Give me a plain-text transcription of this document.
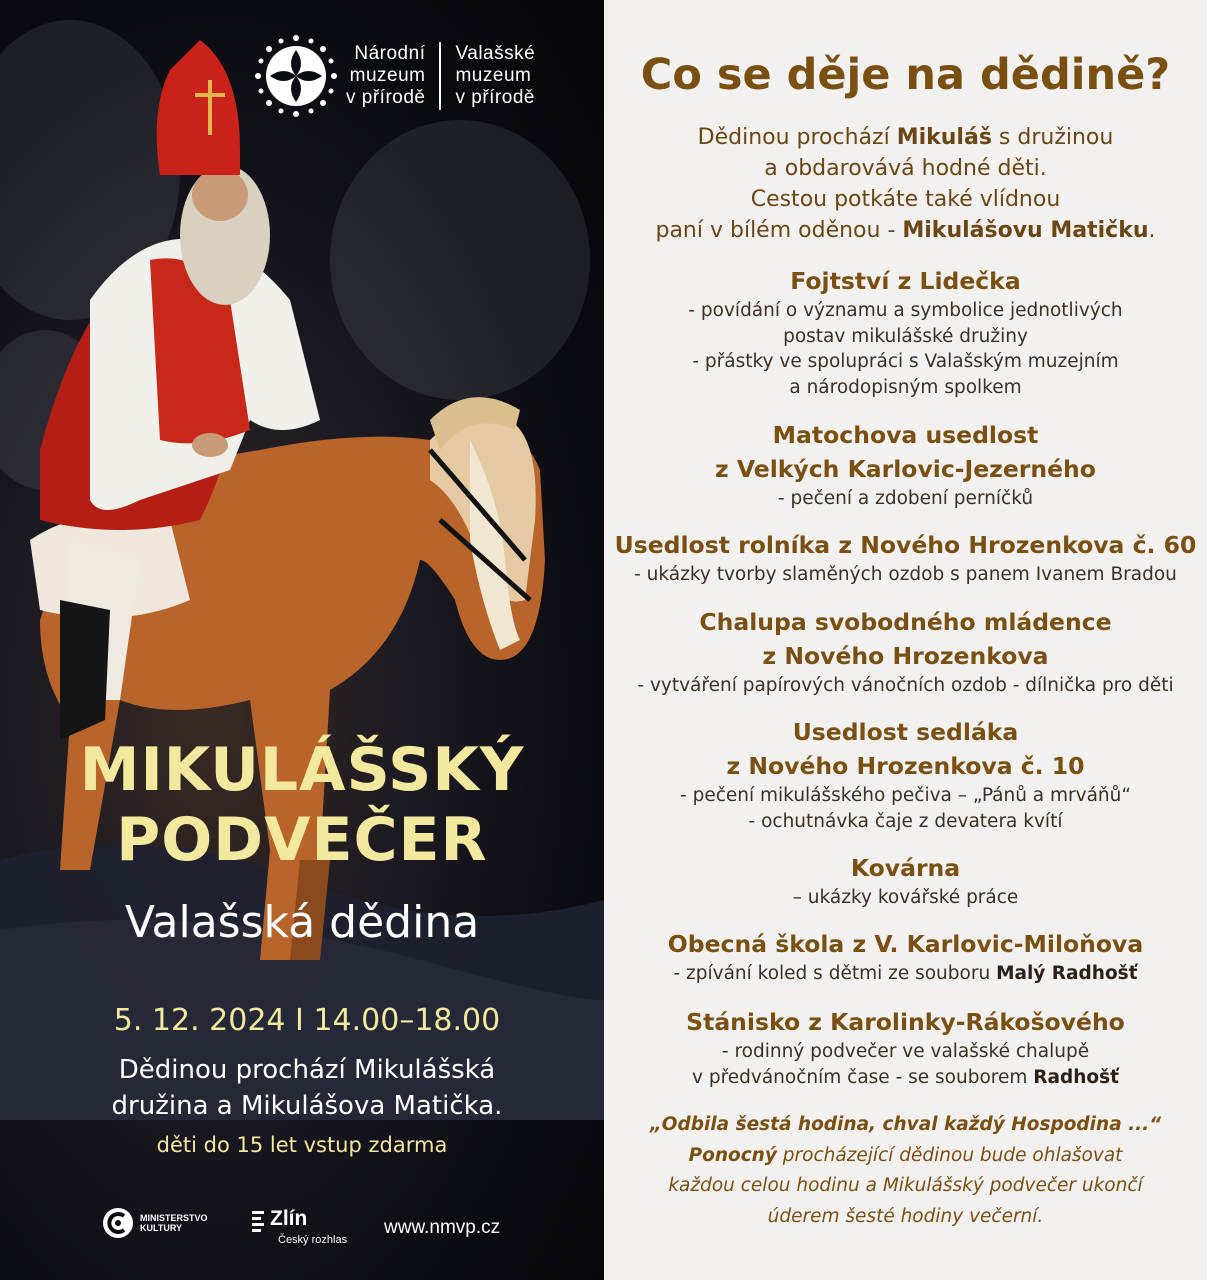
Národní
muzeum
v přírodě
Valašské
muzeum
v přírodě
MIKULÁŠSKÝ
PODVEČER
Valašská dědina
5. 12. 2024 I 14.00–18.00
Dědinou prochází Mikulášská
družina a Mikulášova Matička.
děti do 15 let vstup zdarma
MINISTERSTVO
KULTURY	Zlín
Český rozhlas
www.nmvp.cz
Co se děje na dědině?
Dědinou prochází Mikuláš s družinou
a obdarovává hodné děti.
Cestou potkáte také vlídnou
paní v bílém oděnou - Mikulášovu Matičku.
Fojtství z Lidečka
- povídání o významu a symbolice jednotlivých
postav mikulášské družiny
- přástky ve spolupráci s Valašským muzejním
a národopisným spolkem
Matochova usedlost
z Velkých Karlovic-Jezerného
- pečení a zdobení perníčků
Usedlost rolníka z Nového Hrozenkova č. 60
- ukázky tvorby slaměných ozdob s panem Ivanem Bradou
Chalupa svobodného mládence
z Nového Hrozenkova
- vytváření papírových vánočních ozdob - dílnička pro děti
Usedlost sedláka
z Nového Hrozenkova č. 10
- pečení mikulášského pečiva – „Pánů a mrváňů“
- ochutnávka čaje z devatera kvítí
Kovárna
– ukázky kovářské práce
Obecná škola z V. Karlovic-Miloňova
- zpívání koled s dětmi ze souboru Malý Radhošť
Stánisko z Karolinky-Rákošového
- rodinný podvečer ve valašské chalupě
v předvánočním čase - se souborem Radhošť
„Odbila šestá hodina, chval každý Hospodina ...“
Ponocný procházející dědinou bude ohlašovat
každou celou hodinu a Mikulášský podvečer ukončí
úderem šesté hodiny večerní.
